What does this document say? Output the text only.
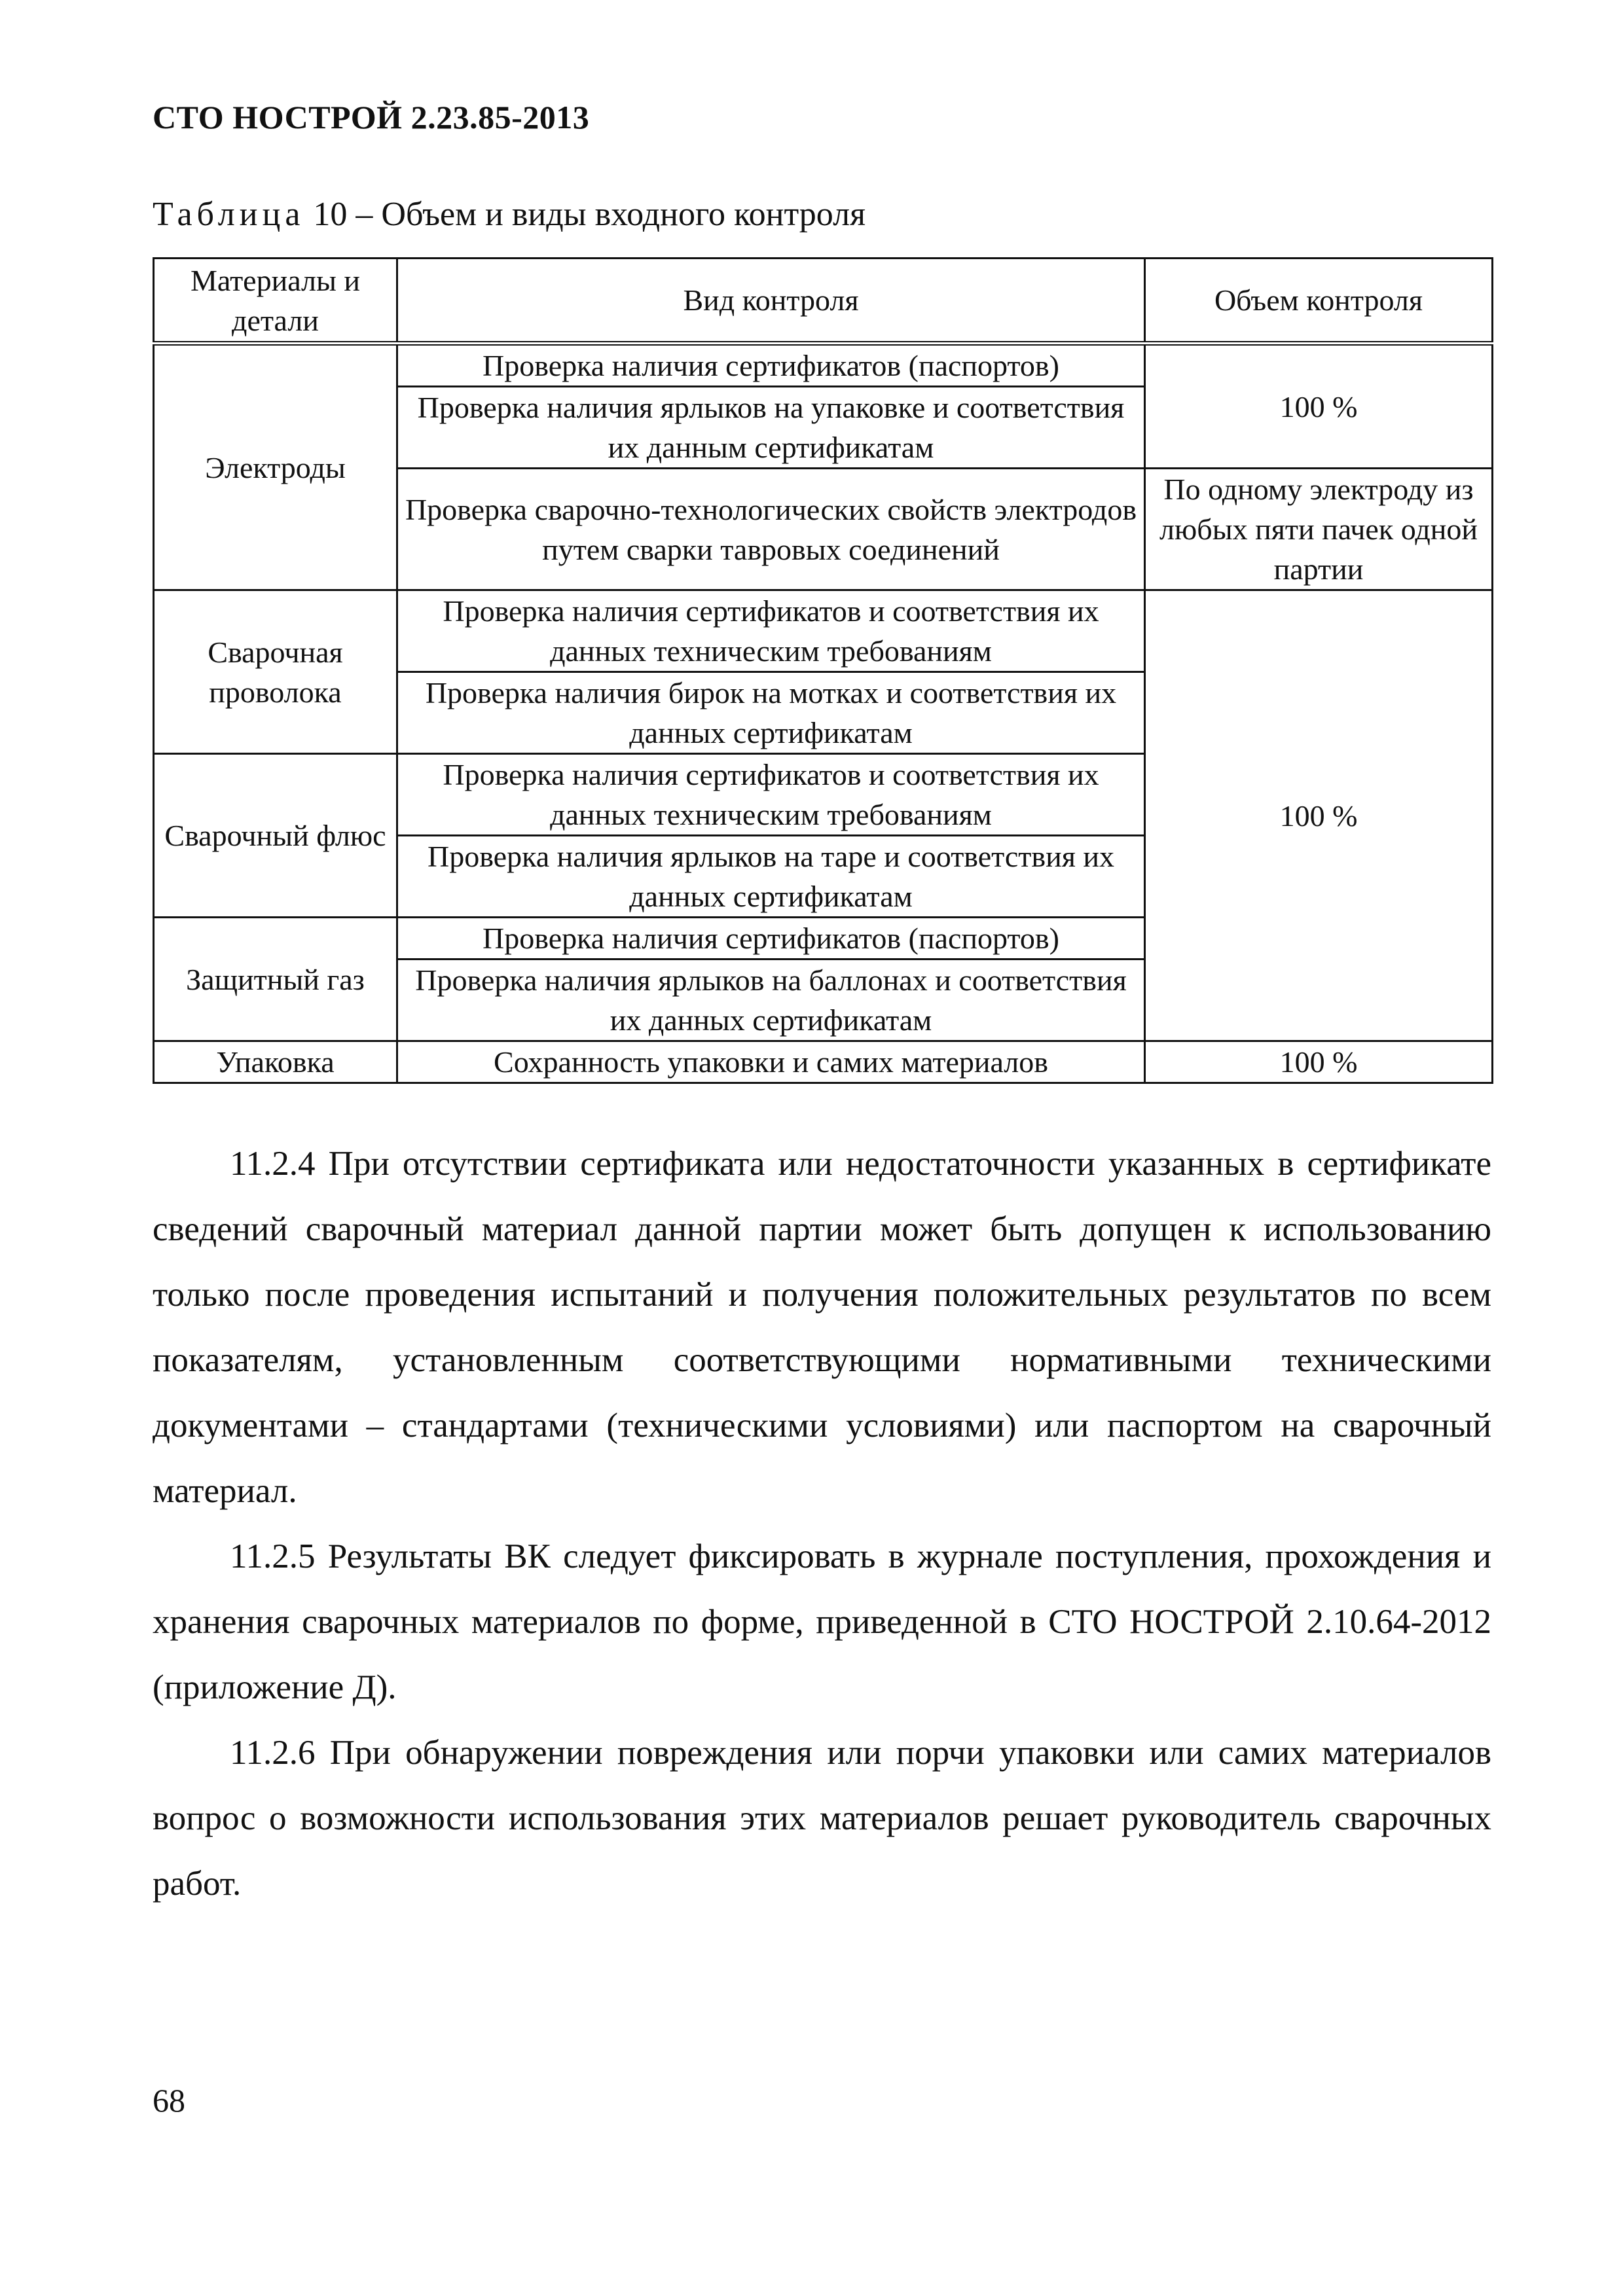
СТО НОСТРОЙ 2.23.85-2013
Таблица 10 – Объем и виды входного контроля
Материалы и детали	Вид контроля	Объем контроля
Электроды	Проверка наличия сертификатов (паспортов)	100 %
	Проверка наличия ярлыков на упаковке и соответствия их данным сертификатам	
	Проверка сварочно-технологических свойств электродов путем сварки тавровых соединений	По одному электроду из любых пяти пачек одной партии
Сварочная проволока	Проверка наличия сертификатов и соответствия их данных техническим требованиям	100 %
	Проверка наличия бирок на мотках и соответствия их данных сертификатам	
Сварочный флюс	Проверка наличия сертификатов и соответствия их данных техническим требованиям	
	Проверка наличия ярлыков на таре и соответствия их данных сертификатам	
Защитный газ	Проверка наличия сертификатов (паспортов)	
	Проверка наличия ярлыков на баллонах и соответствия их данных сертификатам	
Упаковка	Сохранность упаковки и самих материалов	100 %

11.2.4 При отсутствии сертификата или недостаточности указанных в сертификате сведений сварочный материал данной партии может быть допущен к использованию только после проведения испытаний и получения положительных результатов по всем показателям, установленным соответствующими нормативными техническими документами – стандартами (техническими условиями) или паспортом на сварочный материал.

11.2.5 Результаты ВК следует фиксировать в журнале поступления, прохождения и хранения сварочных материалов по форме, приведенной в СТО НОСТРОЙ 2.10.64-2012 (приложение Д).

11.2.6 При обнаружении повреждения или порчи упаковки или самих материалов вопрос о возможности использования этих материалов решает руководитель сварочных работ.

68
